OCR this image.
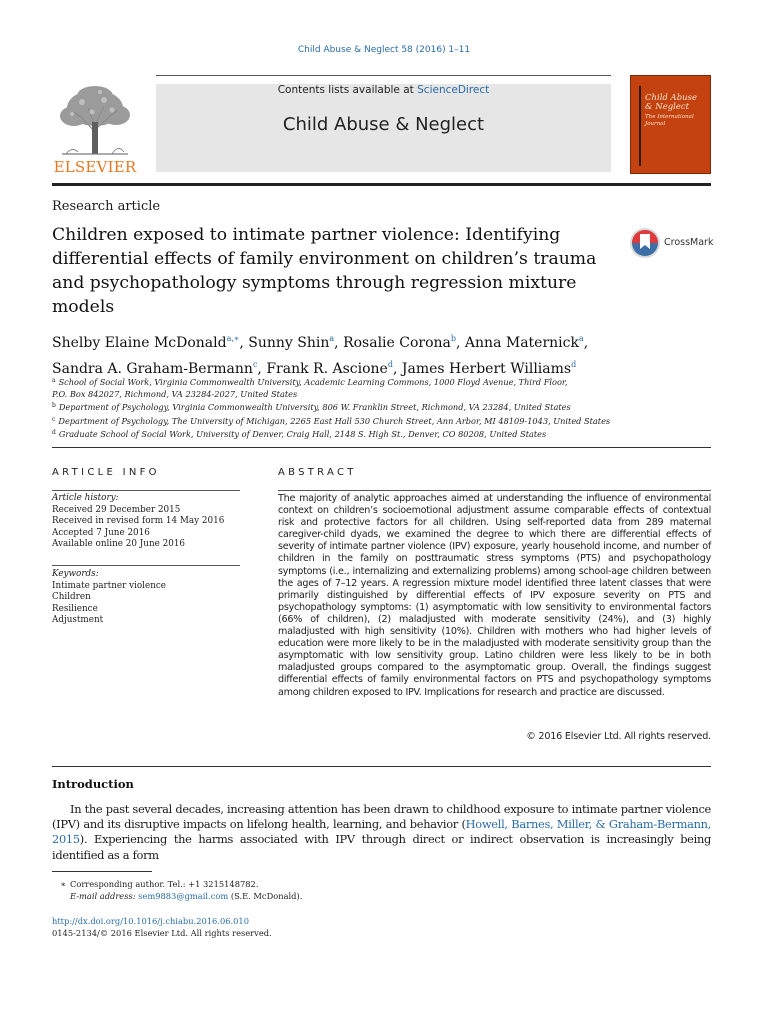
Child Abuse & Neglect 58 (2016) 1–11
ELSEVIER
Contents lists available at ScienceDirect
Child Abuse & Neglect
Child Abuse & Neglect
The International Journal
Research article
Children exposed to intimate partner violence: Identifying differential effects of family environment on children’s trauma and psychopathology symptoms through regression mixture models
CrossMark
Shelby Elaine McDonald$^{a,∗}$, Sunny Shin$^a$, Rosalie Corona$^b$, Anna Maternick$^a$,
Sandra A. Graham-Bermann$^c$, Frank R. Ascione$^d$, James Herbert Williams$^d$
$^a$ School of Social Work, Virginia Commonwealth University, Academic Learning Commons, 1000 Floyd Avenue, Third Floor,
P.O. Box 842027, Richmond, VA 23284-2027, United States
$^b$ Department of Psychology, Virginia Commonwealth University, 806 W. Franklin Street, Richmond, VA 23284, United States
$^c$ Department of Psychology, The University of Michigan, 2265 East Hall 530 Church Street, Ann Arbor, MI 48109-1043, United States
$^d$ Graduate School of Social Work, University of Denver, Craig Hall, 2148 S. High St., Denver, CO 80208, United States
ARTICLE INFO	ABSTRACT
Article history:
Received 29 December 2015
Received in revised form 14 May 2016
Accepted 7 June 2016
Available online 20 June 2016
Keywords:
Intimate partner violence
Children
Resilience
Adjustment
The majority of analytic approaches aimed at understanding the influence of environmental context on children’s socioemotional adjustment assume comparable effects of contextual risk and protective factors for all children. Using self-reported data from 289 maternal caregiver-child dyads, we examined the degree to which there are differential effects of severity of intimate partner violence (IPV) exposure, yearly household income, and number of children in the family on posttraumatic stress symptoms (PTS) and psychopathology symptoms (i.e., internalizing and externalizing problems) among school-age children between the ages of 7–12 years. A regression mixture model identified three latent classes that were primarily distinguished by differential effects of IPV exposure severity on PTS and psychopathology symptoms: (1) asymptomatic with low sensitivity to environmental factors (66% of children), (2) maladjusted with moderate sensitivity (24%), and (3) highly maladjusted with high sensitivity (10%). Children with mothers who had higher levels of education were more likely to be in the maladjusted with moderate sensitivity group than the asymptomatic with low sensitivity group. Latino children were less likely to be in both maladjusted groups compared to the asymptomatic group. Overall, the findings suggest differential effects of family environmental factors on PTS and psychopathology symptoms among children exposed to IPV. Implications for research and practice are discussed.
© 2016 Elsevier Ltd. All rights reserved.
Introduction
In the past several decades, increasing attention has been drawn to childhood exposure to intimate partner violence (IPV) and its disruptive impacts on lifelong health, learning, and behavior (Howell, Barnes, Miller, & Graham-Bermann, 2015). Experiencing the harms associated with IPV through direct or indirect observation is increasingly being identified as a form
∗ Corresponding author. Tel.: +1 3215148782.
E-mail address: sem9883@gmail.com (S.E. McDonald).
http://dx.doi.org/10.1016/j.chiabu.2016.06.010
0145-2134/© 2016 Elsevier Ltd. All rights reserved.
